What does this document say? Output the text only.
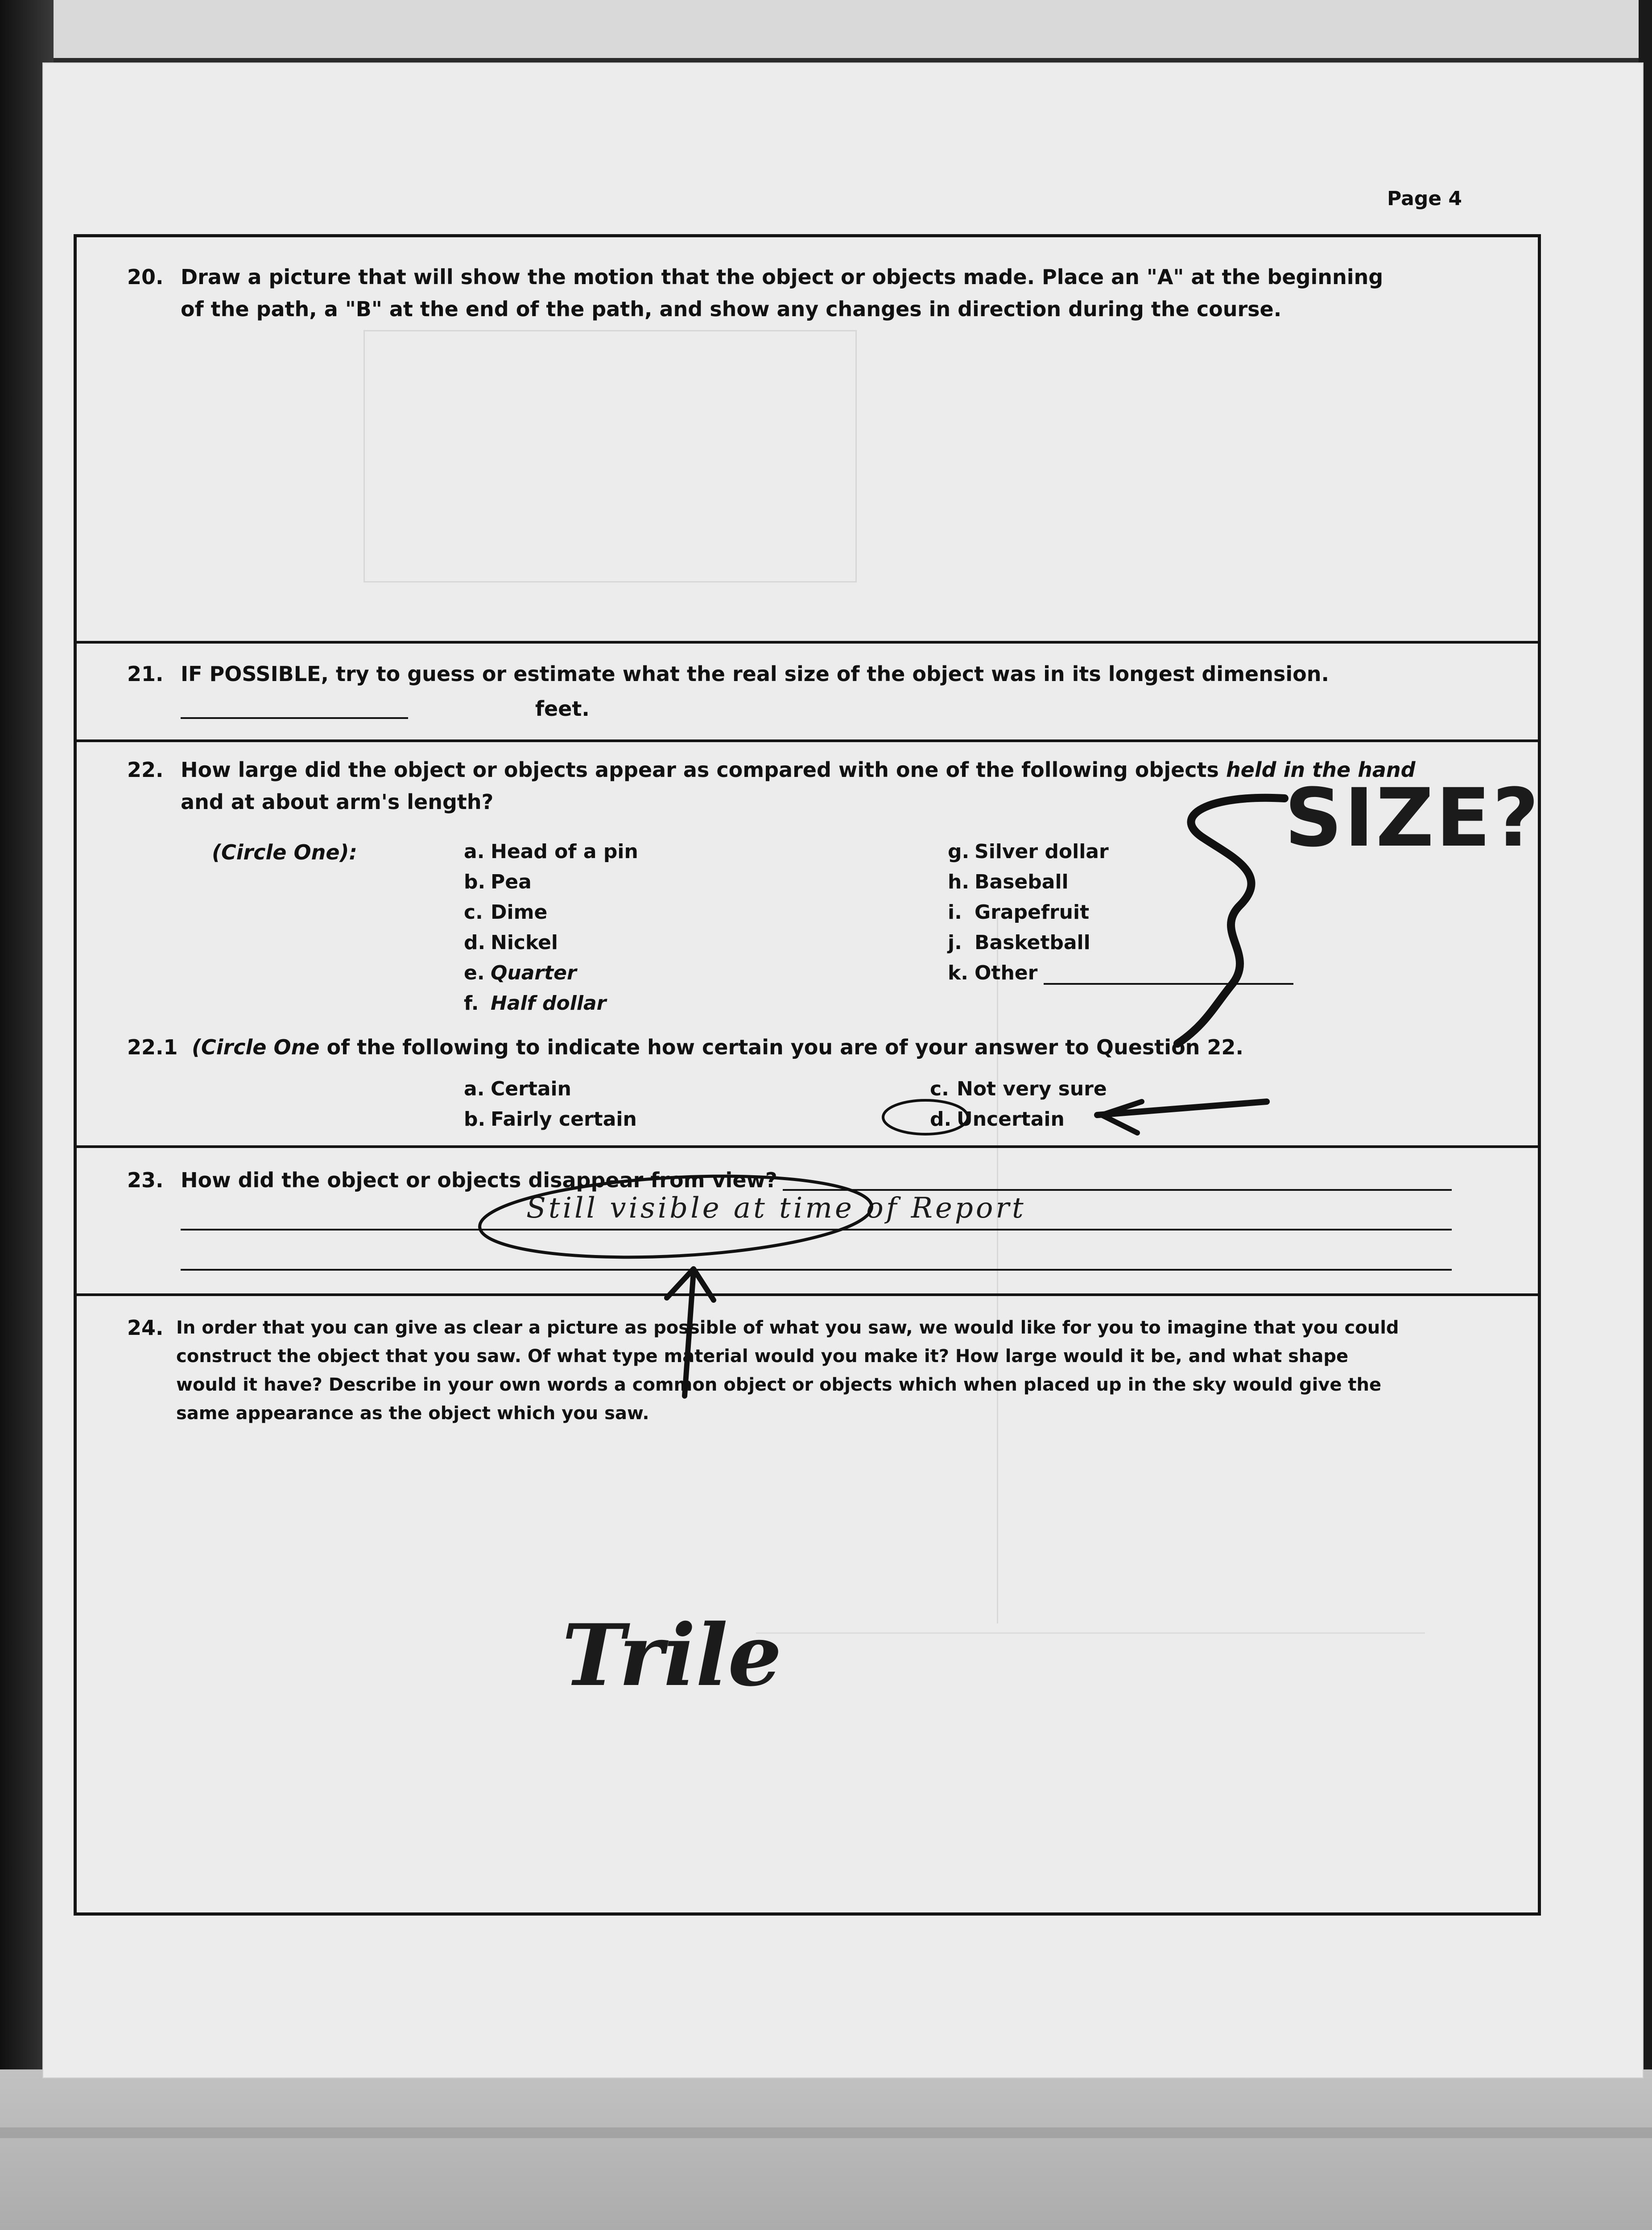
Page 4
20. Draw a picture that will show the motion that the object or objects made. Place an "A" at the beginning
of the path, a "B" at the end of the path, and show any changes in direction during the course.
21. IF POSSIBLE, try to guess or estimate what the real size of the object was in its longest dimension.
feet.
22. How large did the object or objects appear as compared with one of the following objects held in the hand
and at about arm's length?
(Circle One):	a. Head of a pin
b. Pea
c. Dime
d. Nickel
e. Quarter
f. Half dollar
g. Silver dollar
h. Baseball
i. Grapefruit
j. Basketball
k. Other
22.1 (Circle One of the following to indicate how certain you are of your answer to Question 22.
a. Certain
b. Fairly certain
c. Not very sure
d. Uncertain
23. How did the object or objects disappear from view?
Still visible at time of Report
24. In order that you can give as clear a picture as possible of what you saw, we would like for you to imagine that you could
construct the object that you saw. Of what type material would you make it? How large would it be, and what shape
would it have? Describe in your own words a common object or objects which when placed up in the sky would give the
same appearance as the object which you saw.
Trile
SIZE?
